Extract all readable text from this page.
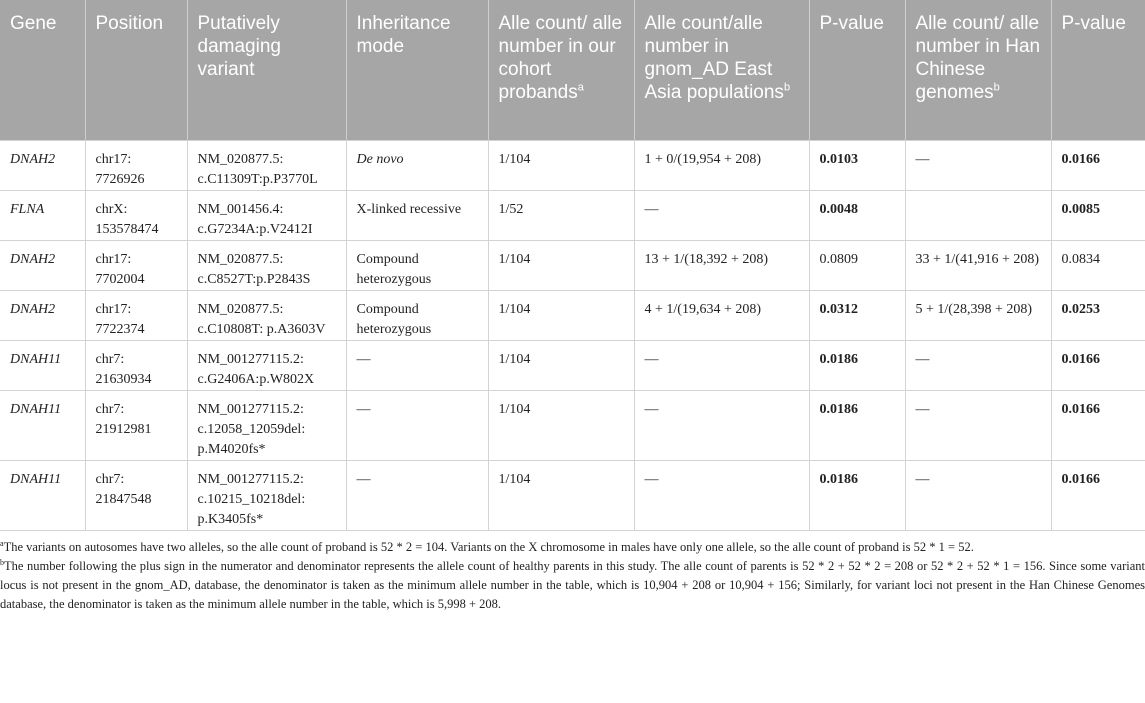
Gene	Position	Putatively damaging variant	Inheritance mode	Alle count/ alle number in our cohort probands$^a$	Alle count/alle number in gnom_AD East Asia populations$^b$	P-value	Alle count/ alle number in Han Chinese genomes$^b$	P-value
DNAH2	chr17: 7726926	NM_020877.5: c.C11309T:p.P3770L	De novo	1/104	1 + 0/(19,954 + 208)	0.0103	—	0.0166
FLNA	chrX: 153578474	NM_001456.4: c.G7234A:p.V2412I	X-linked recessive	1/52	—	0.0048		0.0085
DNAH2	chr17: 7702004	NM_020877.5: c.C8527T:p.P2843S	Compound heterozygous	1/104	13 + 1/(18,392 + 208)	0.0809	33 + 1/(41,916 + 208)	0.0834
DNAH2	chr17: 7722374	NM_020877.5: c.C10808T: p.A3603V	Compound heterozygous	1/104	4 + 1/(19,634 + 208)	0.0312	5 + 1/(28,398 + 208)	0.0253
DNAH11	chr7: 21630934	NM_001277115.2: c.G2406A:p.W802X	—	1/104	—	0.0186	—	0.0166
DNAH11	chr7: 21912981	NM_001277115.2: c.12058_12059del: p.M4020fs*	—	1/104	—	0.0186	—	0.0166
DNAH11	chr7: 21847548	NM_001277115.2: c.10215_10218del: p.K3405fs*	—	1/104	—	0.0186	—	0.0166

$^a$The variants on autosomes have two alleles, so the alle count of proband is 52 * 2 = 104. Variants on the X chromosome in males have only one allele, so the alle count of proband is 52 * 1 = 52.

$^b$The number following the plus sign in the numerator and denominator represents the allele count of healthy parents in this study. The alle count of parents is 52 * 2 + 52 * 2 = 208 or 52 * 2 + 52 * 1 = 156. Since some variant locus is not present in the gnom_AD, database, the denominator is taken as the minimum allele number in the table, which is 10,904 + 208 or 10,904 + 156; Similarly, for variant loci not present in the Han Chinese Genomes database, the denominator is taken as the minimum allele number in the table, which is 5,998 + 208.
